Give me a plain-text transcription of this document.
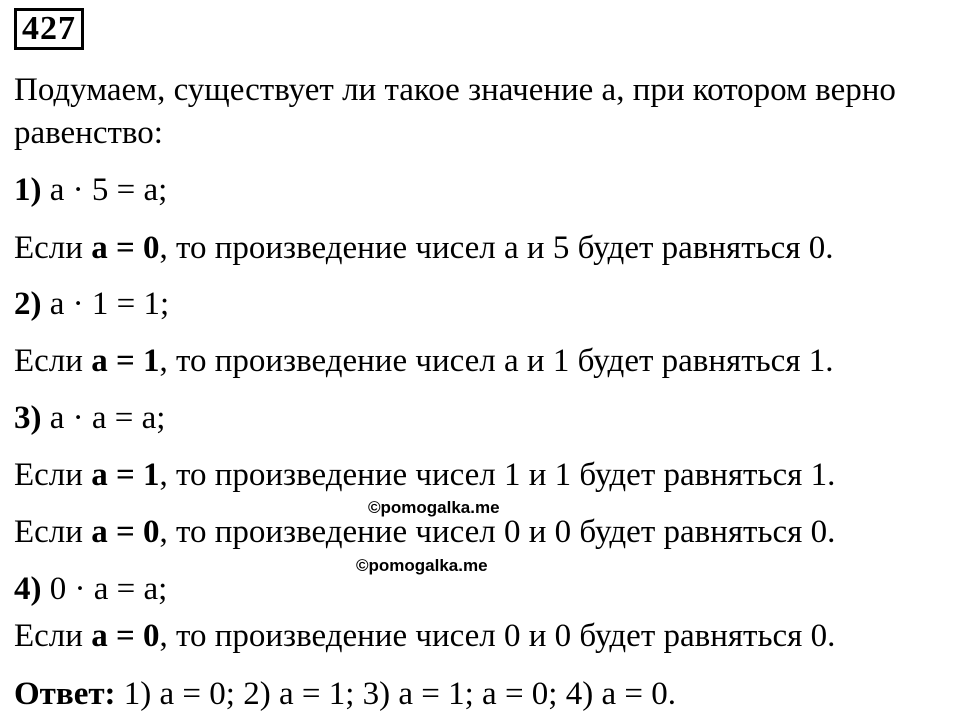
427
Подумаем, существует ли такое значение а, при котором верно
равенство:
1) а · 5 = а;
Если а = 0, то произведение чисел а и 5 будет равняться 0.
2) а · 1 = 1;
Если а = 1, то произведение чисел а и 1 будет равняться 1.
3) а · а = а;
Если а = 1, то произведение чисел 1 и 1 будет равняться 1.
©pomogalka.me
Если а = 0, то произведение чисел 0 и 0 будет равняться 0.
©pomogalka.me
4) 0 · а = а;
Если а = 0, то произведение чисел 0 и 0 будет равняться 0.
Ответ: 1) а = 0; 2) а = 1; 3) а = 1; а = 0; 4) а = 0.
